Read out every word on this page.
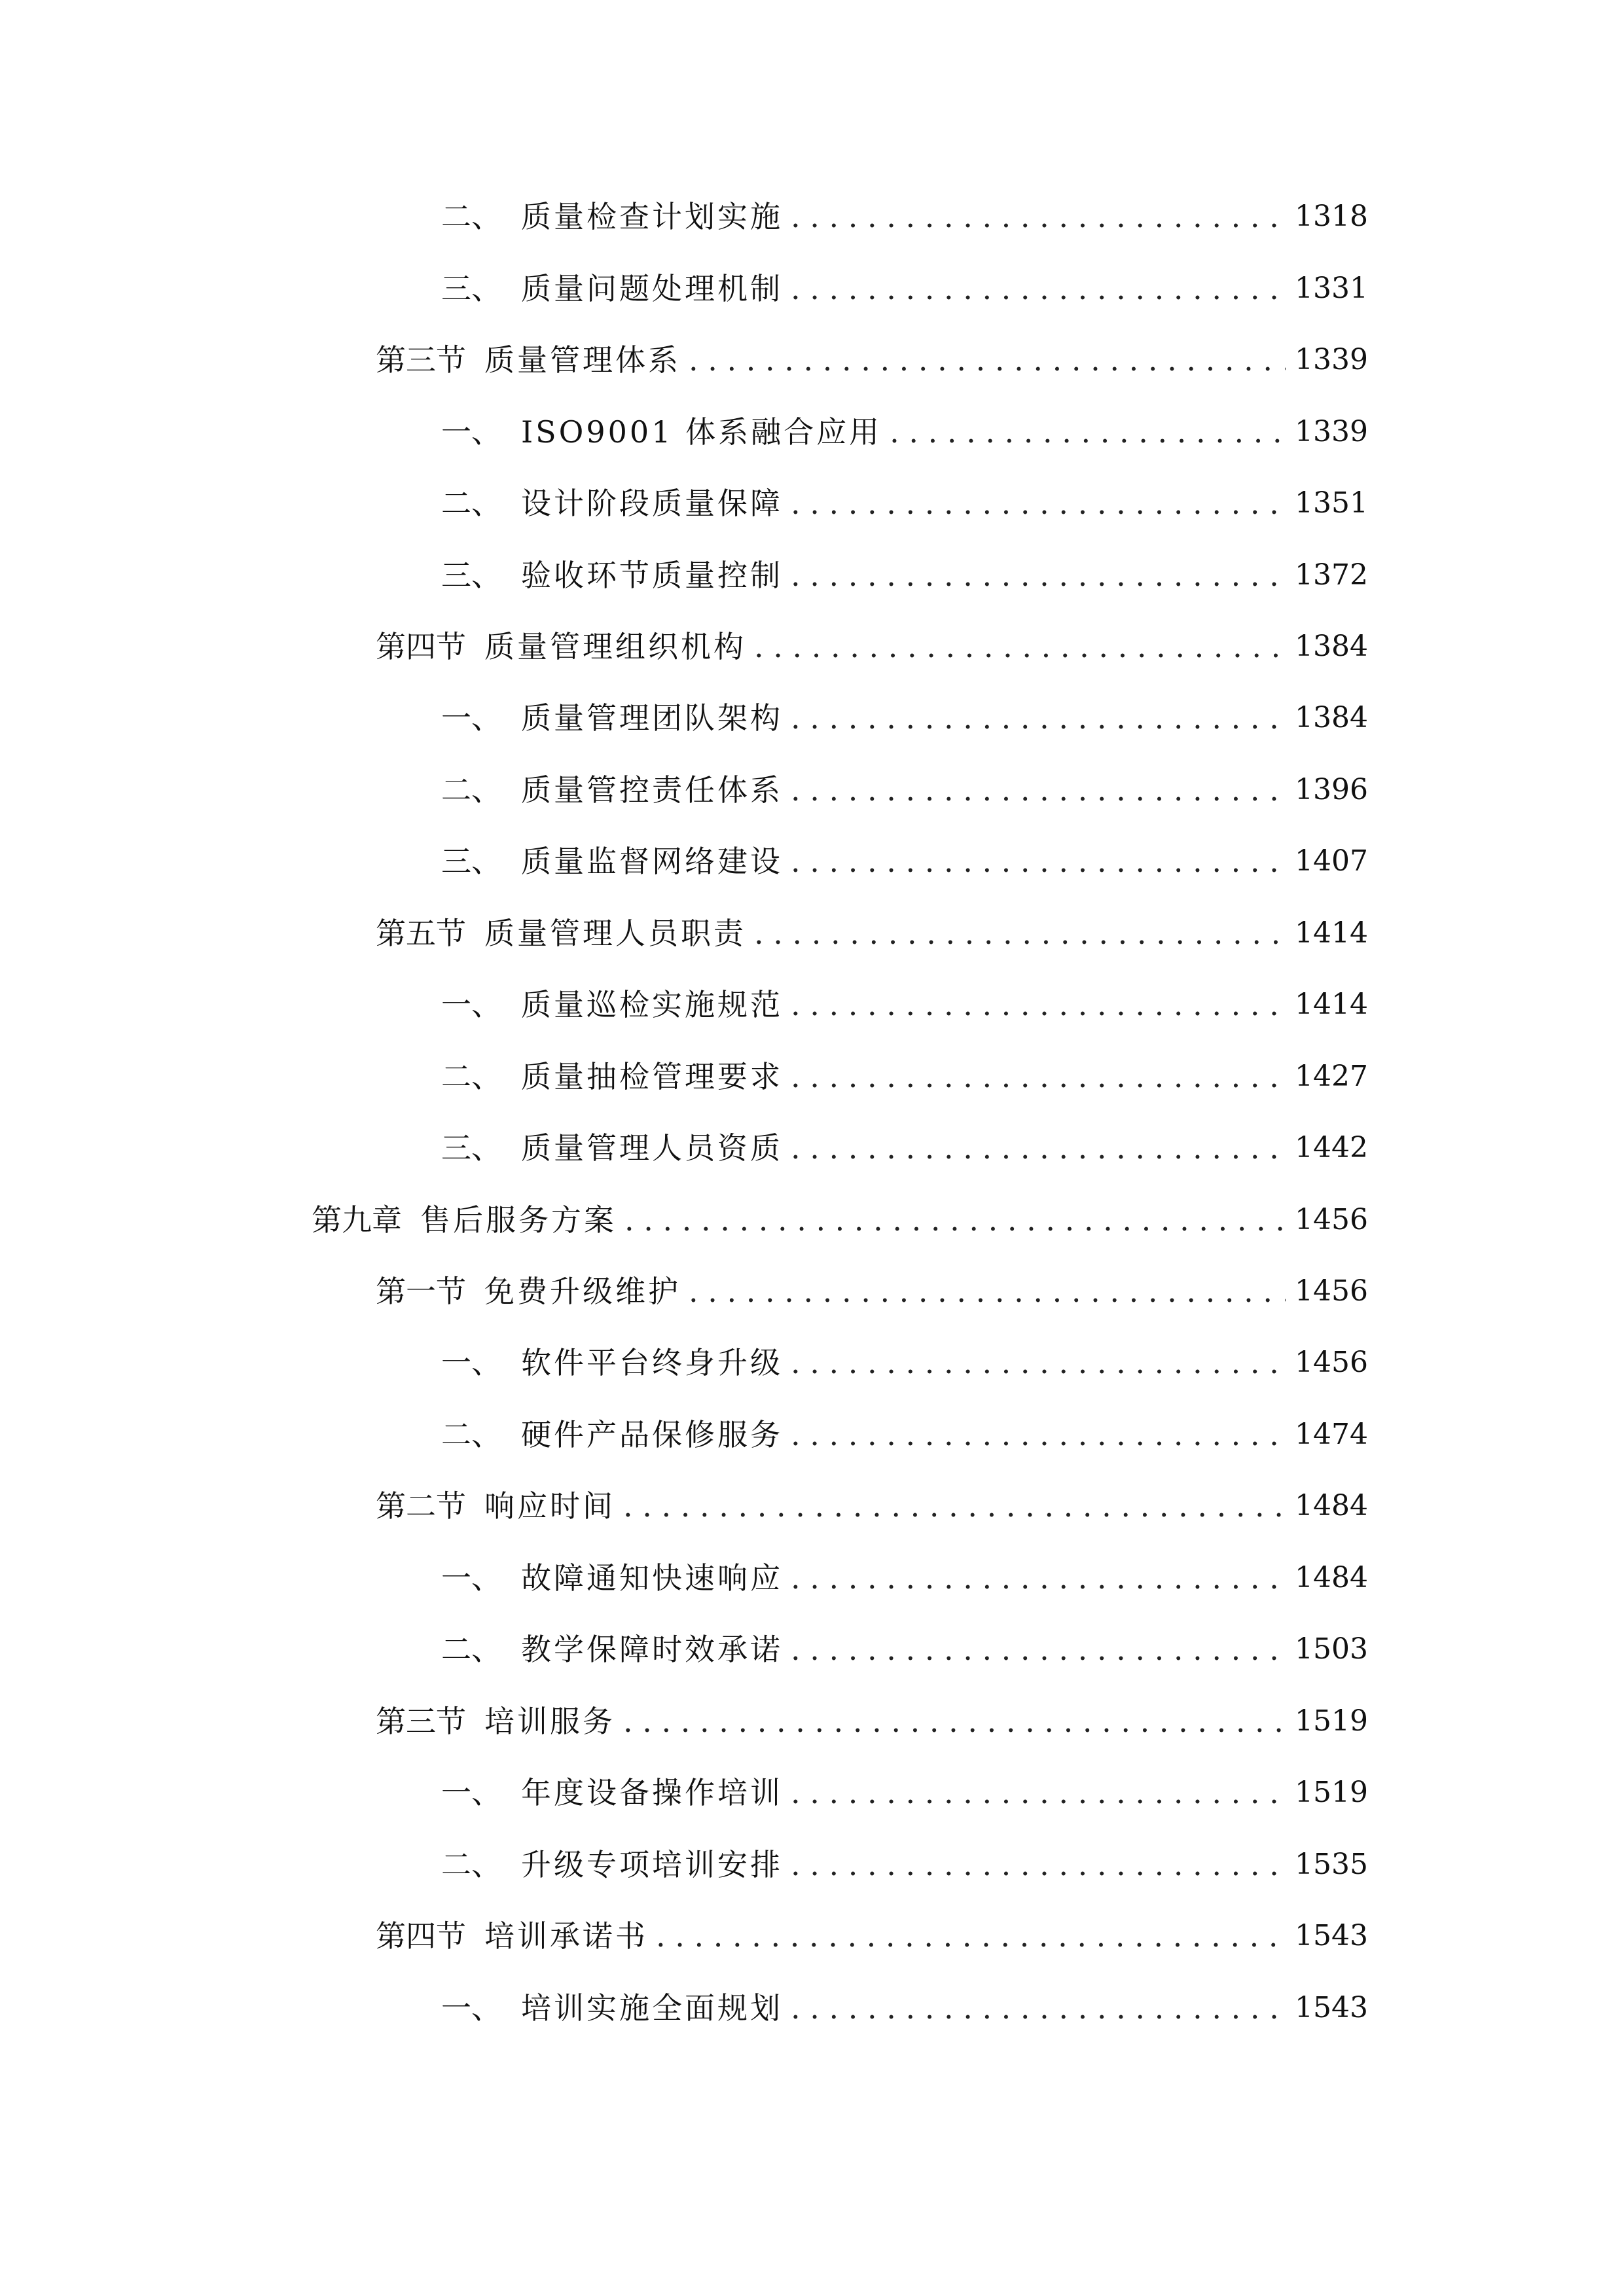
二、 质量检查计划实施 . . .	1318
三、 质量问题处理机制 . . .	1331
第三节 质量管理体系 . . .	1339
一、 ISO9001 体系融合应用 . . .	1339
二、 设计阶段质量保障 . . .	1351
三、 验收环节质量控制 . . .	1372
第四节 质量管理组织机构 . . .	1384
一、 质量管理团队架构 . . .	1384
二、 质量管控责任体系 . . .	1396
三、 质量监督网络建设 . . .	1407
第五节 质量管理人员职责 . . .	1414
一、 质量巡检实施规范 . . .	1414
二、 质量抽检管理要求 . . .	1427
三、 质量管理人员资质 . . .	1442
第九章 售后服务方案 . . .	1456
第一节 免费升级维护 . . .	1456
一、 软件平台终身升级 . . .	1456
二、 硬件产品保修服务 . . .	1474
第二节 响应时间 . . .	1484
一、 故障通知快速响应 . . .	1484
二、 教学保障时效承诺 . . .	1503
第三节 培训服务 . . .	1519
一、 年度设备操作培训 . . .	1519
二、 升级专项培训安排 . . .	1535
第四节 培训承诺书 . . .	1543
一、 培训实施全面规划 . . .	1543
